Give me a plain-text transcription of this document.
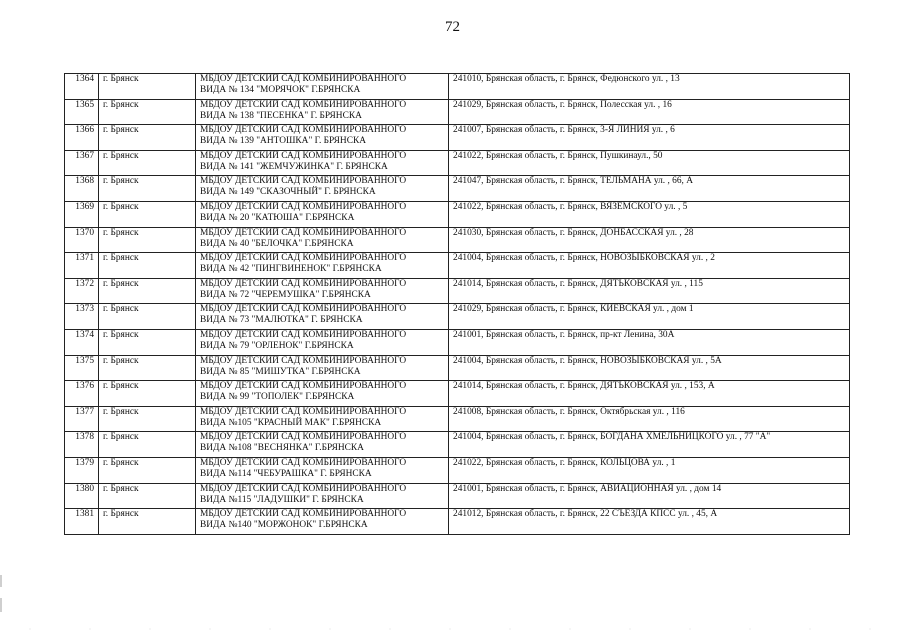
72
1364	г. Брянск	МБДОУ ДЕТСКИЙ САД КОМБИНИРОВАННОГО
ВИДА № 134 "МОРЯЧОК" Г.БРЯНСКА	241010, Брянская область, г. Брянск, Федюнского ул. , 13

1365	г. Брянск	МБДОУ ДЕТСКИЙ САД КОМБИНИРОВАННОГО
ВИДА № 138 "ПЕСЕНКА" Г. БРЯНСКА	241029, Брянская область, г. Брянск, Полесская ул. , 16

1366	г. Брянск	МБДОУ ДЕТСКИЙ САД КОМБИНИРОВАННОГО
ВИДА № 139 "АНТОШКА" Г. БРЯНСКА	241007, Брянская область, г. Брянск, 3-Я ЛИНИЯ ул. , 6

1367	г. Брянск	МБДОУ ДЕТСКИЙ САД КОМБИНИРОВАННОГО
ВИДА № 141 "ЖЕМЧУЖИНКА" Г. БРЯНСКА	241022, Брянская область, г. Брянск, Пушкинаул., 50

1368	г. Брянск	МБДОУ ДЕТСКИЙ САД КОМБИНИРОВАННОГО
ВИДА № 149 "СКАЗОЧНЫЙ" Г. БРЯНСКА	241047, Брянская область, г. Брянск, ТЕЛЬМАНА ул. , 66, А

1369	г. Брянск	МБДОУ ДЕТСКИЙ САД КОМБИНИРОВАННОГО
ВИДА № 20 "КАТЮША" Г.БРЯНСКА	241022, Брянская область, г. Брянск, ВЯЗЕМСКОГО ул. , 5

1370	г. Брянск	МБДОУ ДЕТСКИЙ САД КОМБИНИРОВАННОГО
ВИДА № 40 "БЕЛОЧКА" Г.БРЯНСКА	241030, Брянская область, г. Брянск, ДОНБАССКАЯ ул. , 28

1371	г. Брянск	МБДОУ ДЕТСКИЙ САД КОМБИНИРОВАННОГО
ВИДА № 42 "ПИНГВИНЕНОК" Г.БРЯНСКА	241004, Брянская область, г. Брянск, НОВОЗЫБКОВСКАЯ ул. , 2

1372	г. Брянск	МБДОУ ДЕТСКИЙ САД КОМБИНИРОВАННОГО
ВИДА № 72 "ЧЕРЕМУШКА" Г.БРЯНСКА	241014, Брянская область, г. Брянск, ДЯТЬКОВСКАЯ ул. , 115

1373	г. Брянск	МБДОУ ДЕТСКИЙ САД КОМБИНИРОВАННОГО
ВИДА № 73 "МАЛЮТКА" Г. БРЯНСКА	241029, Брянская область, г. Брянск, КИЕВСКАЯ ул. , дом 1

1374	г. Брянск	МБДОУ ДЕТСКИЙ САД КОМБИНИРОВАННОГО
ВИДА № 79 "ОРЛЕНОК" Г.БРЯНСКА	241001, Брянская область, г. Брянск, пр-кт Ленина, 30А

1375	г. Брянск	МБДОУ ДЕТСКИЙ САД КОМБИНИРОВАННОГО
ВИДА № 85 "МИШУТКА" Г.БРЯНСКА	241004, Брянская область, г. Брянск, НОВОЗЫБКОВСКАЯ ул. , 5А

1376	г. Брянск	МБДОУ ДЕТСКИЙ САД КОМБИНИРОВАННОГО
ВИДА № 99 "ТОПОЛЕК" Г.БРЯНСКА	241014, Брянская область, г. Брянск, ДЯТЬКОВСКАЯ ул. , 153, А

1377	г. Брянск	МБДОУ ДЕТСКИЙ САД КОМБИНИРОВАННОГО
ВИДА №105 "КРАСНЫЙ МАК" Г.БРЯНСКА	241008, Брянская область, г. Брянск, Октябрьская ул. , 116

1378	г. Брянск	МБДОУ ДЕТСКИЙ САД КОМБИНИРОВАННОГО
ВИДА №108 "ВЕСНЯНКА" Г.БРЯНСКА	241004, Брянская область, г. Брянск, БОГДАНА ХМЕЛЬНИЦКОГО ул. , 77 "А"

1379	г. Брянск	МБДОУ ДЕТСКИЙ САД КОМБИНИРОВАННОГО
ВИДА №114 "ЧЕБУРАШКА" Г. БРЯНСКА	241022, Брянская область, г. Брянск, КОЛЬЦОВА ул. , 1

1380	г. Брянск	МБДОУ ДЕТСКИЙ САД КОМБИНИРОВАННОГО
ВИДА №115 "ЛАДУШКИ" Г. БРЯНСКА	241001, Брянская область, г. Брянск, АВИАЦИОННАЯ ул. , дом 14

1381	г. Брянск	МБДОУ ДЕТСКИЙ САД КОМБИНИРОВАННОГО
ВИДА №140 "МОРЖОНОК" Г.БРЯНСКА	241012, Брянская область, г. Брянск, 22 СЪЕЗДА КПСС ул. , 45, А
